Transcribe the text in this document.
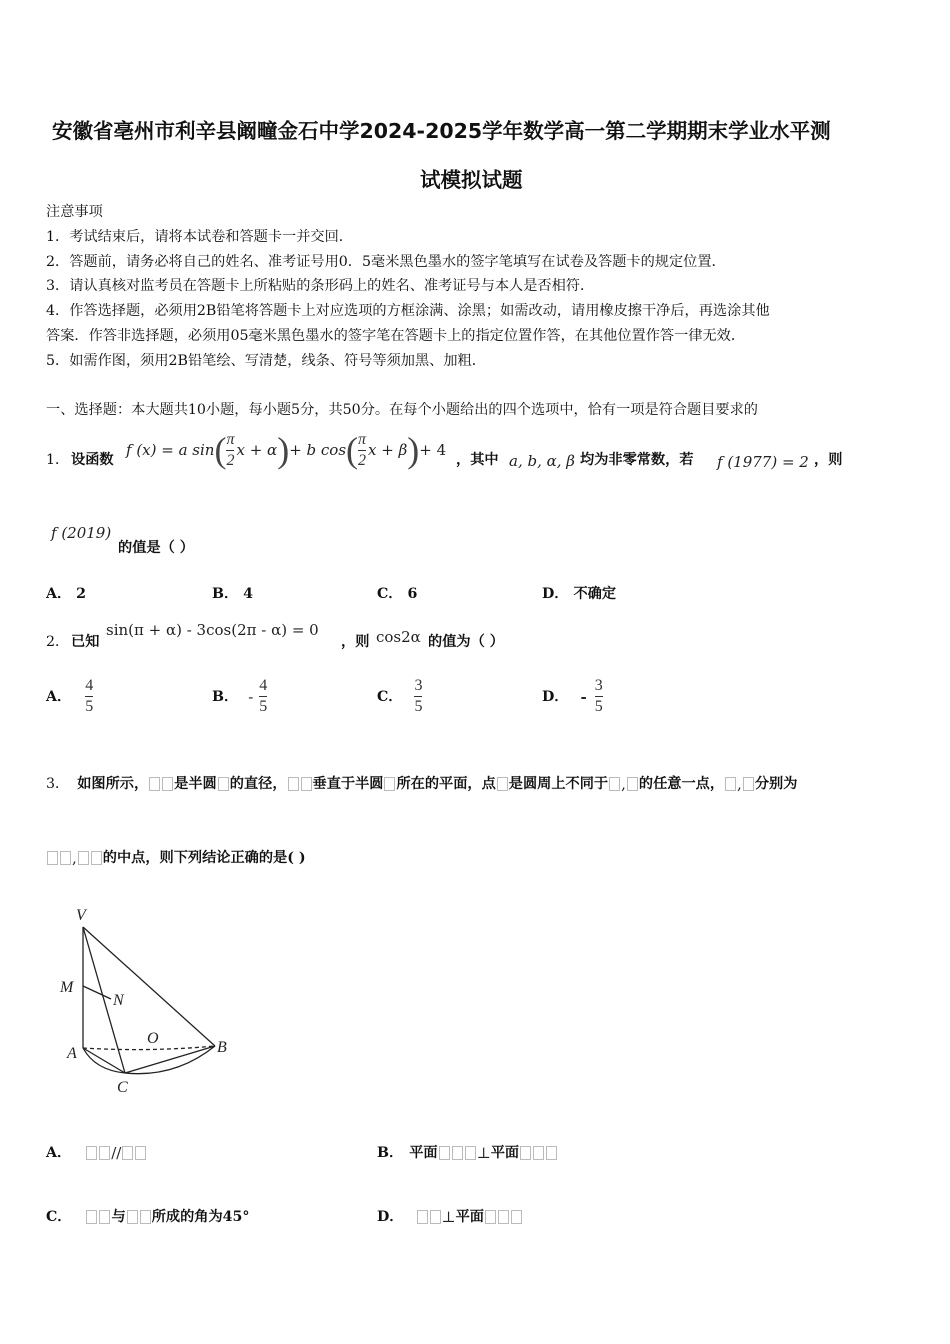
安徽省亳州市利辛县阚疃金石中学2024-2025学年数学高一第二学期期末学业水平测
试模拟试题
注意事项
1．考试结束后，请将本试卷和答题卡一并交回．
2．答题前，请务必将自己的姓名、准考证号用0．5毫米黑色墨水的签字笔填写在试卷及答题卡的规定位置．
3．请认真核对监考员在答题卡上所粘贴的条形码上的姓名、准考证号与本人是否相符．
4．作答选择题，必须用2B铅笔将答题卡上对应选项的方框涂满、涂黑；如需改动，请用橡皮擦干净后，再选涂其他
答案．作答非选择题，必须用05毫米黑色墨水的签字笔在答题卡上的指定位置作答，在其他位置作答一律无效．
5．如需作图，须用2B铅笔绘、写清楚，线条、符号等须加黑、加粗．
一、选择题：本大题共10小题，每小题5分，共50分。在每个小题给出的四个选项中，恰有一项是符合题目要求的
1． 设函数
f (x) = a sin ( $\frac{\pi}{2}$ x + α ) + b cos ( $\frac{\pi}{2}$ x + β ) + 4
，其中 a, b, α, β 均为非零常数，若 f (1977) = 2 ，则
f (2019)
的值是（ ）
A． 2	B． 4	C． 6	D． 不确定
2． 已知
sin(π + α) - 3cos(2π - α) = 0
，则 cos2α 的值为（ ）
A． $\frac{4}{5}$	B． - $\frac{4}{5}$	C． $\frac{3}{5}$	D． - $\frac{3}{5}$
3． 如图所示， 是半圆 的直径， 垂直于半圆 所在的平面，点 是圆周上不同于 , 的任意一点， , 分别为
, 的中点，则下列结论正确的是( )
V
M
N
O
A	B
C
A．	//	B． 平面	⊥ 平面
C．	与 所成的角为45°	D．	⊥ 平面
